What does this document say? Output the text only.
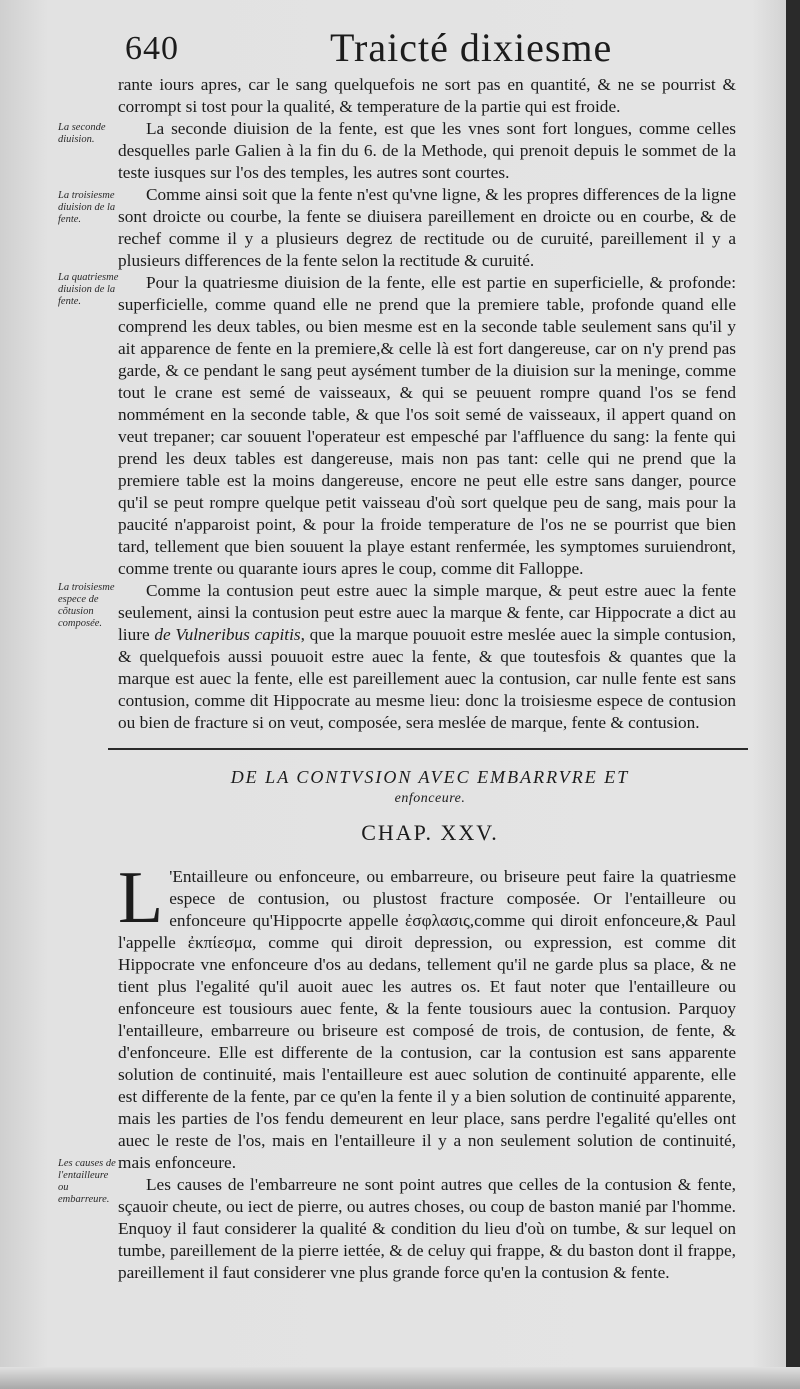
640	Traicté dixiesme
La seconde diuision.
La troisiesme diuision de la fente.
La quatriesme diuision de la fente.
La troisiesme espece de cõtusion composée.
Les causes de l'entailleure ou embarreure.

rante iours apres, car le sang quelquefois ne sort pas en quantité, & ne se pourrist & corrompt si tost pour la qualité, & temperature de la partie qui est froide.

La seconde diuision de la fente, est que les vnes sont fort longues, comme celles desquelles parle Galien à la fin du 6. de la Methode, qui prenoit depuis le sommet de la teste iusques sur l'os des temples, les autres sont courtes.

Comme ainsi soit que la fente n'est qu'vne ligne, & les propres differences de la ligne sont droicte ou courbe, la fente se diuisera pareillement en droicte ou en courbe, & de rechef comme il y a plusieurs degrez de rectitude ou de curuité, pareillement il y a plusieurs differences de la fente selon la rectitude & curuité.

Pour la quatriesme diuision de la fente, elle est partie en superficielle, & profonde: superficielle, comme quand elle ne prend que la premiere table, profonde quand elle comprend les deux tables, ou bien mesme est en la seconde table seulement sans qu'il y ait apparence de fente en la premiere,& celle là est fort dangereuse, car on n'y prend pas garde, & ce pendant le sang peut aysément tumber de la diuision sur la meninge, comme tout le crane est semé de vaisseaux, & qui se peuuent rompre quand l'os se fend nommément en la seconde table, & que l'os soit semé de vaisseaux, il appert quand on veut trepaner; car souuent l'operateur est empesché par l'affluence du sang: la fente qui prend les deux tables est dangereuse, mais non pas tant: celle qui ne prend que la premiere table est la moins dangereuse, encore ne peut elle estre sans danger, pource qu'il se peut rompre quelque petit vaisseau d'où sort quelque peu de sang, mais pour la paucité n'apparoist point, & pour la froide temperature de l'os ne se pourrist que bien tard, tellement que bien souuent la playe estant renfermée, les symptomes suruiendront, comme trente ou quarante iours apres le coup, comme dit Falloppe.

Comme la contusion peut estre auec la simple marque, & peut estre auec la fente seulement, ainsi la contusion peut estre auec la marque & fente, car Hippocrate a dict au liure de Vulneribus capitis, que la marque pouuoit estre meslée auec la simple contusion, & quelquefois aussi pouuoit estre auec la fente, & que toutesfois & quantes que la marque est auec la fente, elle est pareillement auec la contusion, car nulle fente est sans contusion, comme dit Hippocrate au mesme lieu: donc la troisiesme espece de contusion ou bien de fracture si on veut, composée, sera meslée de marque, fente & contusion.

DE LA CONTVSION AVEC EMBARRVRE ET
enfonceure.
CHAP. XXV.

L 'Entailleure ou enfonceure, ou embarreure, ou briseure peut faire la quatriesme espece de contusion, ou plustost fracture composée. Or l'entailleure ou enfonceure qu'Hippocrte appelle ἐσφλασις,comme qui diroit enfonceure,& Paul l'appelle ἐκπίεσμα, comme qui diroit depression, ou expression, est comme dit Hippocrate vne enfonceure d'os au dedans, tellement qu'il ne garde plus sa place, & ne tient plus l'egalité qu'il auoit auec les autres os. Et faut noter que l'entailleure ou enfonceure est tousiours auec fente, & la fente tousiours auec la contusion. Parquoy l'entailleure, embarreure ou briseure est composé de trois, de contusion, de fente, & d'enfonceure. Elle est differente de la contusion, car la contusion est sans apparente solution de continuité, mais l'entailleure est auec solution de continuité apparente, elle est differente de la fente, par ce qu'en la fente il y a bien solution de continuité apparente, mais les parties de l'os fendu demeurent en leur place, sans perdre l'egalité qu'elles ont auec le reste de l'os, mais en l'entailleure il y a non seulement solution de continuité, mais enfonceure.

Les causes de l'embarreure ne sont point autres que celles de la contusion & fente, sçauoir cheute, ou iect de pierre, ou autres choses, ou coup de baston manié par l'homme. Enquoy il faut considerer la qualité & condition du lieu d'où on tumbe, & sur lequel on tumbe, pareillement de la pierre iettée, & de celuy qui frappe, & du baston dont il frappe, pareillement il faut considerer vne plus grande force qu'en la contusion & fente.
